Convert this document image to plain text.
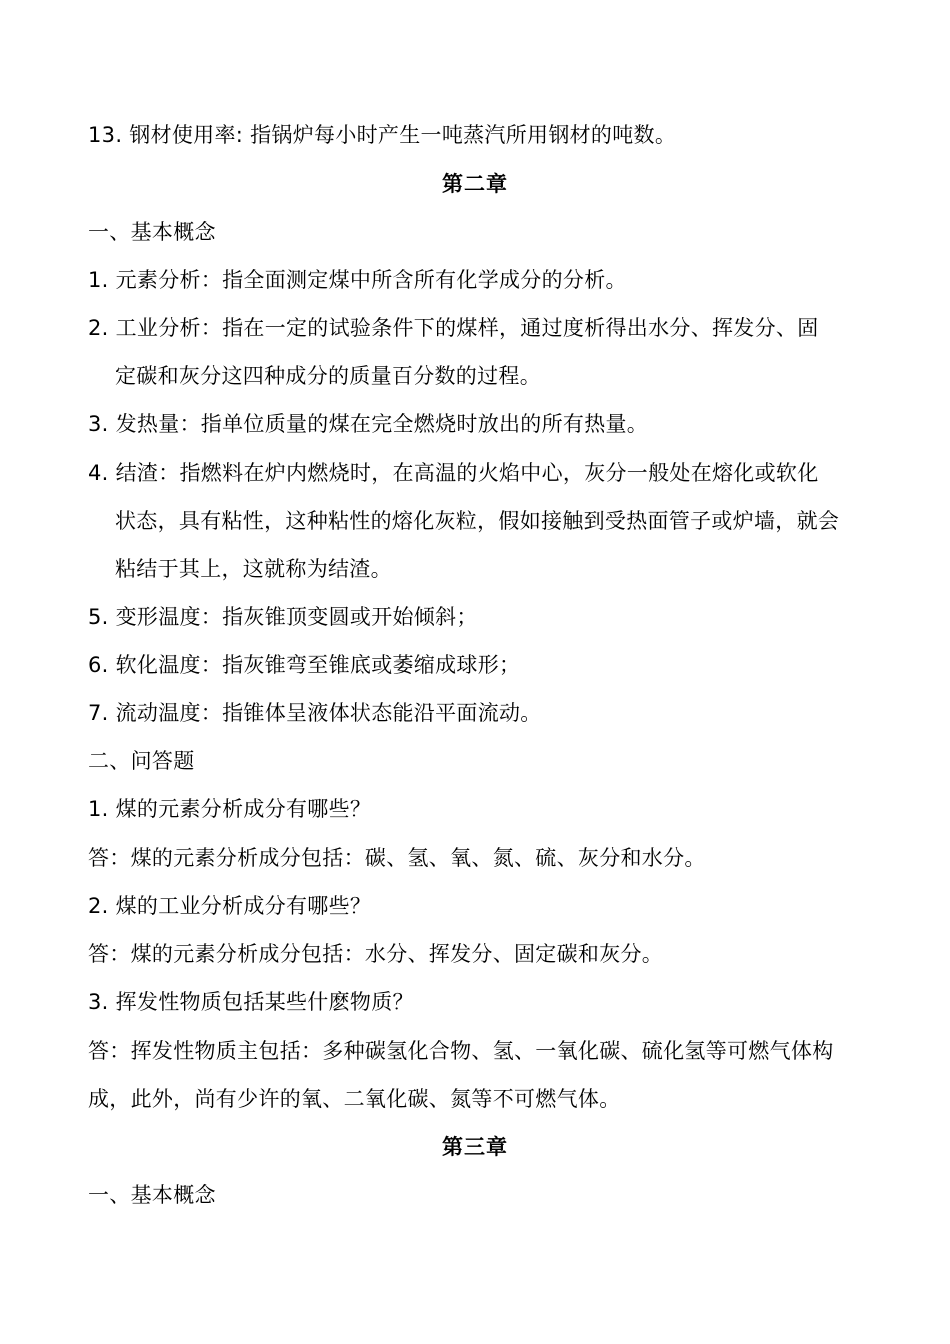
13. 钢材使用率: 指锅炉每小时产生一吨蒸汽所用钢材的吨数。
第二章
一、基本概念
1. 元素分析：指全面测定煤中所含所有化学成分的分析。
2. 工业分析：指在一定的试验条件下的煤样，通过度析得出水分、挥发分、固
定碳和灰分这四种成分的质量百分数的过程。
3. 发热量：指单位质量的煤在完全燃烧时放出的所有热量。
4. 结渣：指燃料在炉内燃烧时，在高温的火焰中心，灰分一般处在熔化或软化
状态，具有粘性，这种粘性的熔化灰粒，假如接触到受热面管子或炉墙，就会
粘结于其上，这就称为结渣。
5. 变形温度：指灰锥顶变圆或开始倾斜；
6. 软化温度：指灰锥弯至锥底或萎缩成球形；
7. 流动温度：指锥体呈液体状态能沿平面流动。
二、问答题
1. 煤的元素分析成分有哪些？
答：煤的元素分析成分包括：碳、氢、氧、氮、硫、灰分和水分。
2. 煤的工业分析成分有哪些？
答：煤的元素分析成分包括：水分、挥发分、固定碳和灰分。
3. 挥发性物质包括某些什麽物质？
答：挥发性物质主包括：多种碳氢化合物、氢、一氧化碳、硫化氢等可燃气体构
成，此外，尚有少许的氧、二氧化碳、氮等不可燃气体。
第三章
一、基本概念
